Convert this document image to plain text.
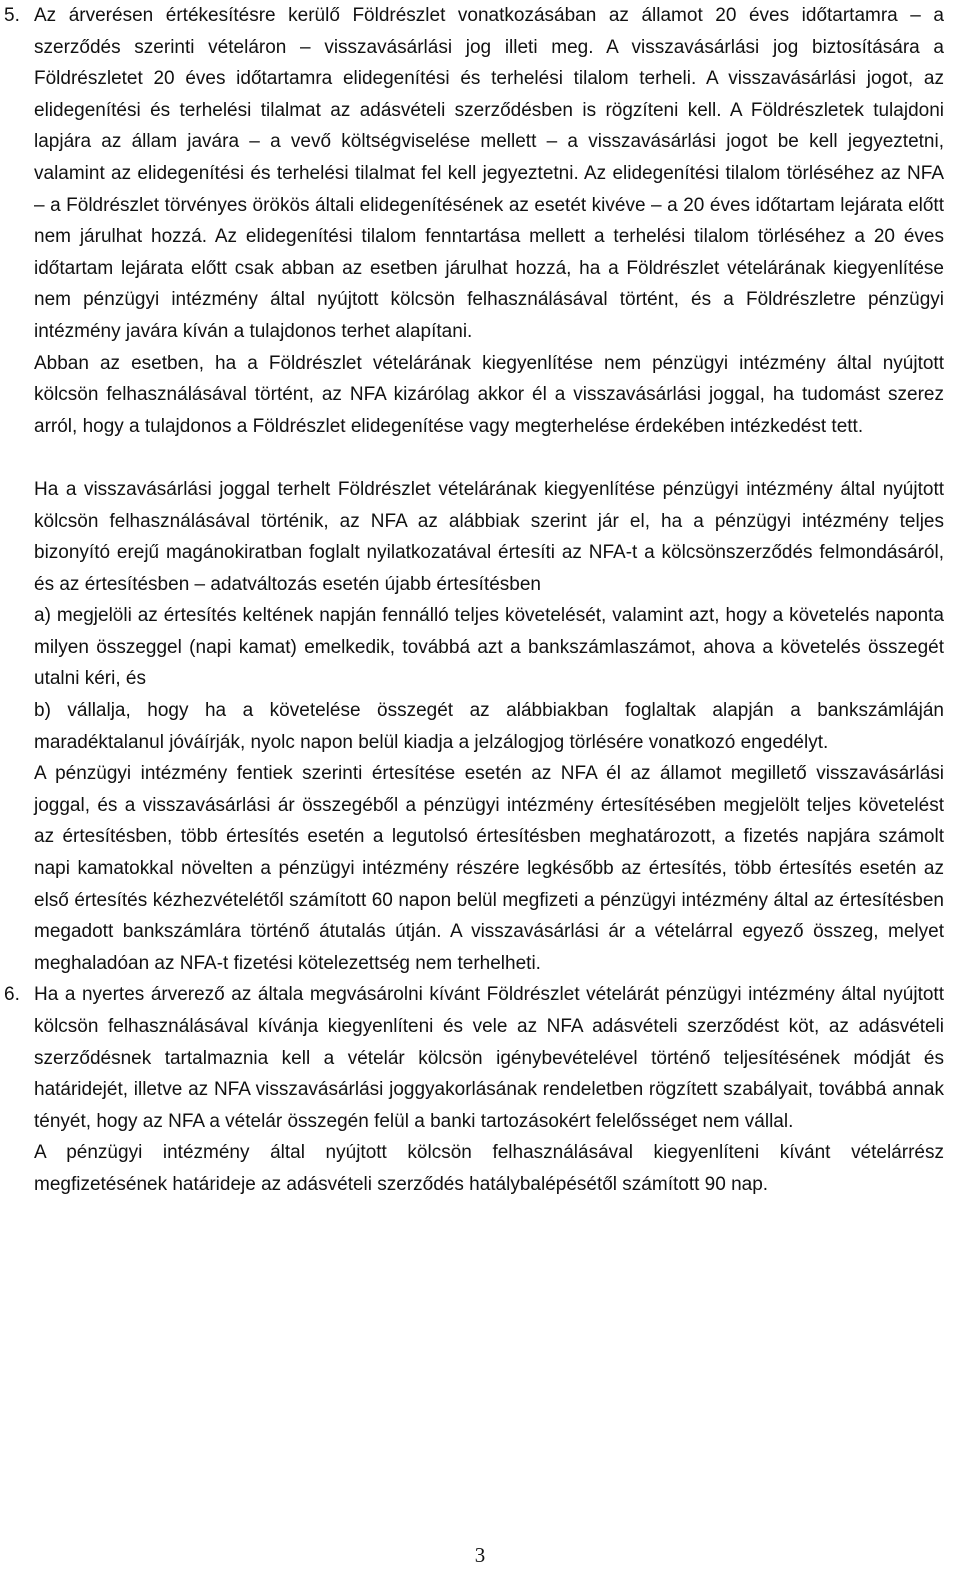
5. Az árverésen értékesítésre kerülő Földrészlet vonatkozásában az államot 20 éves időtartamra – a szerződés szerinti vételáron – visszavásárlási jog illeti meg. A visszavásárlási jog biztosítására a Földrészletet 20 éves időtartamra elidegenítési és terhelési tilalom terheli. A visszavásárlási jogot, az elidegenítési és terhelési tilalmat az adásvételi szerződésben is rögzíteni kell. A Földrészletek tulajdoni lapjára az állam javára – a vevő költségviselése mellett – a visszavásárlási jogot be kell jegyeztetni, valamint az elidegenítési és terhelési tilalmat fel kell jegyeztetni. Az elidegenítési tilalom törléséhez az NFA – a Földrészlet törvényes örökös általi elidegenítésének az esetét kivéve – a 20 éves időtartam lejárata előtt nem járulhat hozzá. Az elidegenítési tilalom fenntartása mellett a terhelési tilalom törléséhez a 20 éves időtartam lejárata előtt csak abban az esetben járulhat hozzá, ha a Földrészlet vételárának kiegyenlítése nem pénzügyi intézmény által nyújtott kölcsön felhasználásával történt, és a Földrészletre pénzügyi intézmény javára kíván a tulajdonos terhet alapítani.

Abban az esetben, ha a Földrészlet vételárának kiegyenlítése nem pénzügyi intézmény által nyújtott kölcsön felhasználásával történt, az NFA kizárólag akkor él a visszavásárlási joggal, ha tudomást szerez arról, hogy a tulajdonos a Földrészlet elidegenítése vagy megterhelése érdekében intézkedést tett.

Ha a visszavásárlási joggal terhelt Földrészlet vételárának kiegyenlítése pénzügyi intézmény által nyújtott kölcsön felhasználásával történik, az NFA az alábbiak szerint jár el, ha a pénzügyi intézmény teljes bizonyító erejű magánokiratban foglalt nyilatkozatával értesíti az NFA-t a kölcsönszerződés felmondásáról, és az értesítésben – adatváltozás esetén újabb értesítésben

a) megjelöli az értesítés keltének napján fennálló teljes követelését, valamint azt, hogy a követelés naponta milyen összeggel (napi kamat) emelkedik, továbbá azt a bankszámlaszámot, ahova a követelés összegét utalni kéri, és

b) vállalja, hogy ha a követelése összegét az alábbiakban foglaltak alapján a bankszámláján maradéktalanul jóváírják, nyolc napon belül kiadja a jelzálogjog törlésére vonatkozó engedélyt.

A pénzügyi intézmény fentiek szerinti értesítése esetén az NFA él az államot megillető visszavásárlási joggal, és a visszavásárlási ár összegéből a pénzügyi intézmény értesítésében megjelölt teljes követelést az értesítésben, több értesítés esetén a legutolsó értesítésben meghatározott, a fizetés napjára számolt napi kamatokkal növelten a pénzügyi intézmény részére legkésőbb az értesítés, több értesítés esetén az első értesítés kézhezvételétől számított 60 napon belül megfizeti a pénzügyi intézmény által az értesítésben megadott bankszámlára történő átutalás útján. A visszavásárlási ár a vételárral egyező összeg, melyet meghaladóan az NFA-t fizetési kötelezettség nem terhelheti.

6. Ha a nyertes árverező az általa megvásárolni kívánt Földrészlet vételárát pénzügyi intézmény által nyújtott kölcsön felhasználásával kívánja kiegyenlíteni és vele az NFA adásvételi szerződést köt, az adásvételi szerződésnek tartalmaznia kell a vételár kölcsön igénybevételével történő teljesítésének módját és határidejét, illetve az NFA visszavásárlási joggyakorlásának rendeletben rögzített szabályait, továbbá annak tényét, hogy az NFA a vételár összegén felül a banki tartozásokért felelősséget nem vállal.

A pénzügyi intézmény által nyújtott kölcsön felhasználásával kiegyenlíteni kívánt vételárrész megfizetésének határideje az adásvételi szerződés hatálybalépésétől számított 90 nap.

3
